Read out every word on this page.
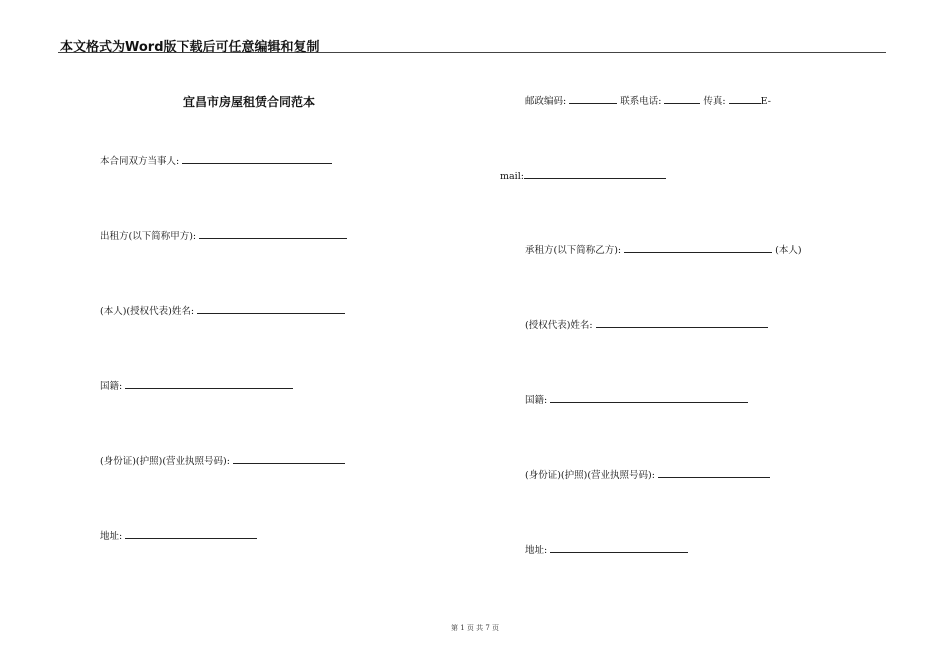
本文格式为Word版下载后可任意编辑和复制
宜昌市房屋租赁合同范本
本合同双方当事人:
出租方(以下简称甲方):
(本人)(授权代表)姓名:
国籍:
(身份证)(护照)(营业执照号码):
地址:
邮政编码:	联系电话:	传真:	E-
mail:
承租方(以下简称乙方):	(本人)
(授权代表)姓名:
国籍:
(身份证)(护照)(营业执照号码):
地址:
第 1 页 共 7 页
